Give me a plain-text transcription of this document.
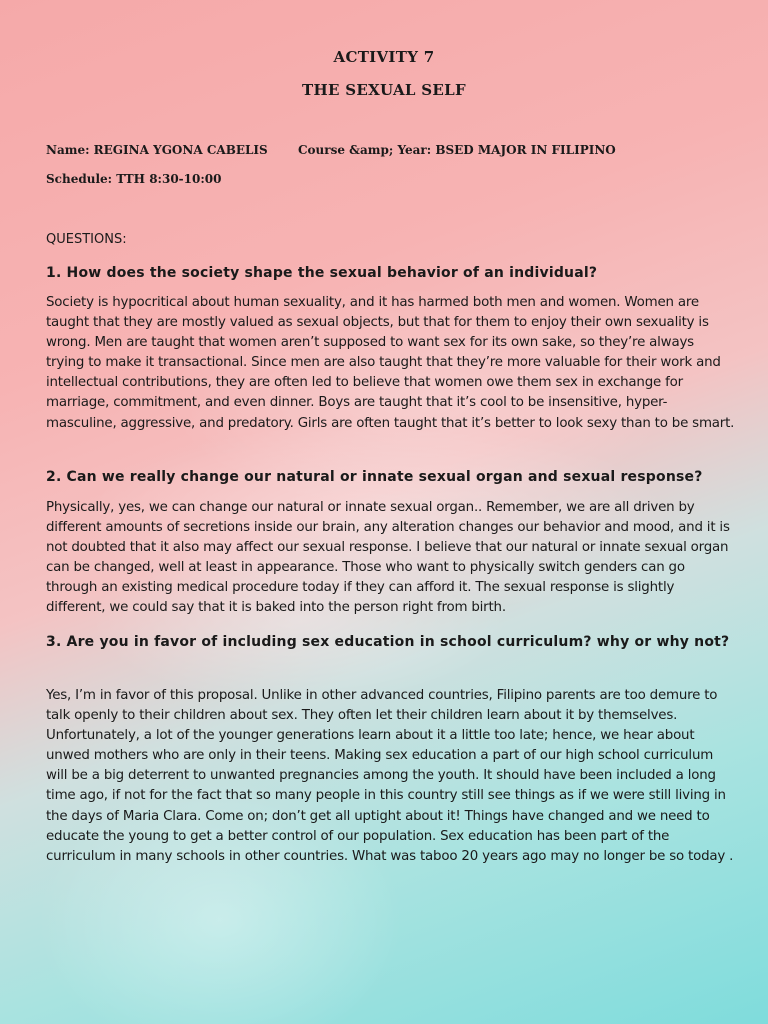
ACTIVITY 7
THE SEXUAL SELF
Name: REGINA YGONA CABELIS	Course &amp; Year: BSED MAJOR IN FILIPINO
Schedule: TTH 8:30-10:00
QUESTIONS:
1. How does the society shape the sexual behavior of an individual?
Society is hypocritical about human sexuality, and it has harmed both men and women. Women are taught that they are mostly valued as sexual objects, but that for them to enjoy their own sexuality is wrong. Men are taught that women aren’t supposed to want sex for its own sake, so they’re always trying to make it transactional. Since men are also taught that they’re more valuable for their work and intellectual contributions, they are often led to believe that women owe them sex in exchange for marriage, commitment, and even dinner. Boys are taught that it’s cool to be insensitive, hyper-masculine, aggressive, and predatory. Girls are often taught that it’s better to look sexy than to be smart.
2. Can we really change our natural or innate sexual organ and sexual response?
Physically, yes, we can change our natural or innate sexual organ.. Remember, we are all driven by different amounts of secretions inside our brain, any alteration changes our behavior and mood, and it is not doubted that it also may affect our sexual response. I believe that our natural or innate sexual organ can be changed, well at least in appearance. Those who want to physically switch genders can go through an existing medical procedure today if they can afford it. The sexual response is slightly different, we could say that it is baked into the person right from birth.
3. Are you in favor of including sex education in school curriculum? why or why not?
Yes, I’m in favor of this proposal. Unlike in other advanced countries, Filipino parents are too demure to talk openly to their children about sex. They often let their children learn about it by themselves. Unfortunately, a lot of the younger generations learn about it a little too late; hence, we hear about unwed mothers who are only in their teens. Making sex education a part of our high school curriculum will be a big deterrent to unwanted pregnancies among the youth. It should have been included a long time ago, if not for the fact that so many people in this country still see things as if we were still living in the days of Maria Clara. Come on; don’t get all uptight about it! Things have changed and we need to educate the young to get a better control of our population. Sex education has been part of the curriculum in many schools in other countries. What was taboo 20 years ago may no longer be so today .
